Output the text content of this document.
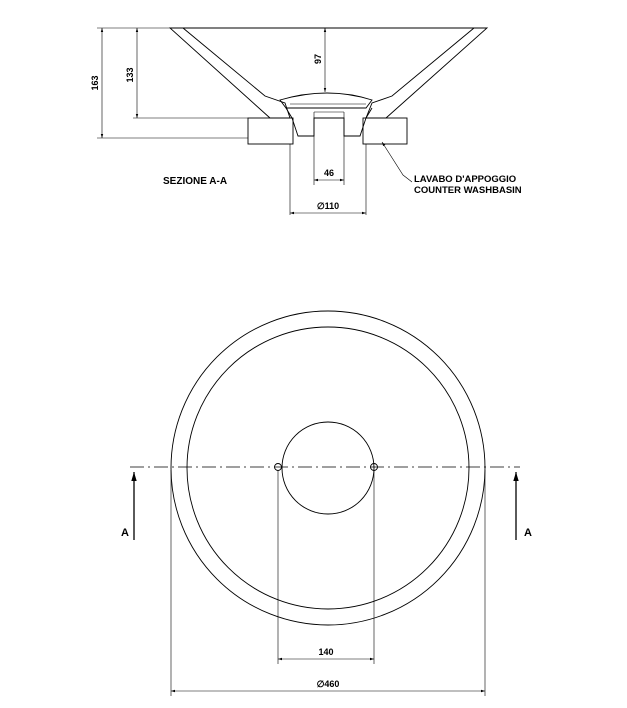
163
133
97
46
∅110
SEZIONE A-A	LAVABO D'APPOGGIO
COUNTER WASHBASIN
A	A
140
∅460
